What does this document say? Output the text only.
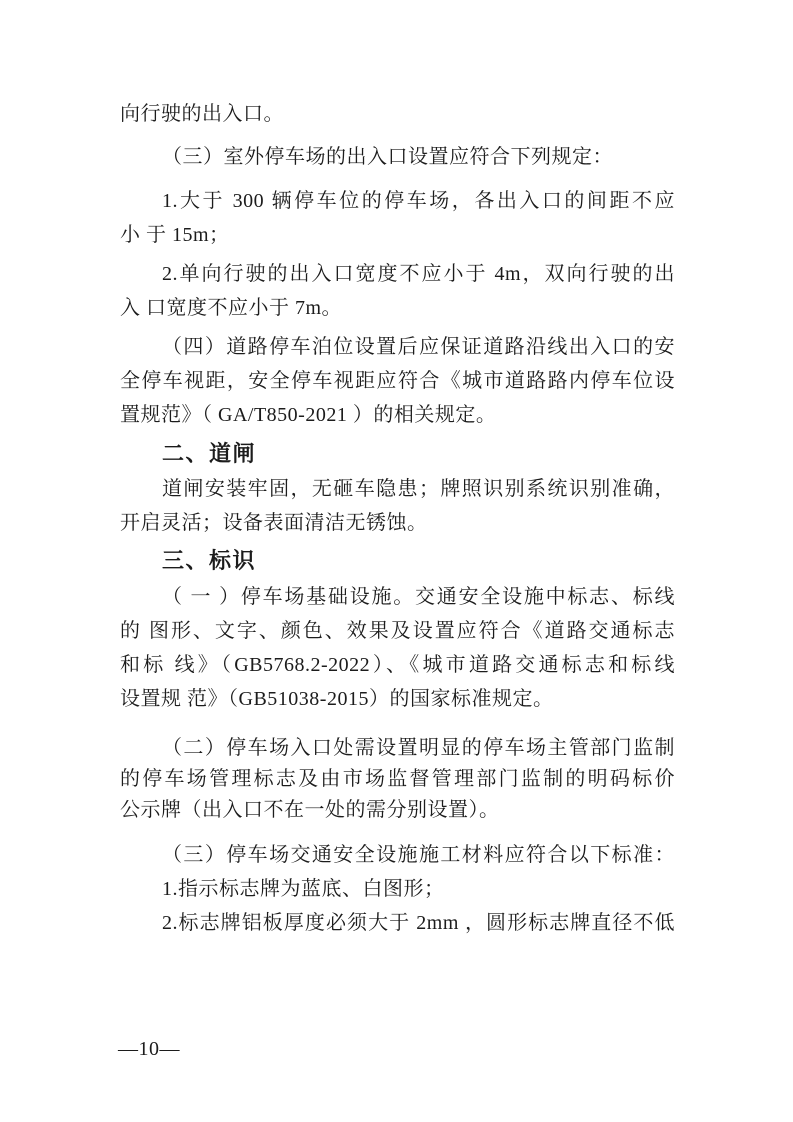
向行驶的出入口。

（三）室外停车场的出入口设置应符合下列规定：

1.大于 300 辆停车位的停车场，各出入口的间距不应
小 于 15m；

2.单向行驶的出入口宽度不应小于 4m，双向行驶的出
入 口宽度不应小于 7m。

（四）道路停车泊位设置后应保证道路沿线出入口的安
全停车视距，安全停车视距应符合《城市道路路内停车位设
置规范》（ GA/T850-2021 ）的相关规定。

二、道闸

道闸安装牢固，无砸车隐患；牌照识别系统识别准确，
开启灵活；设备表面清洁无锈蚀。

三、标识

（ 一 ）停车场基础设施。交通安全设施中标志、标线
的 图形、文字、颜色、效果及设置应符合《道路交通标志
和标 线》（GB5768.2-2022）、《城市道路交通标志和标线
设置规 范》（GB51038-2015）的国家标准规定。

（二）停车场入口处需设置明显的停车场主管部门监制
的停车场管理标志及由市场监督管理部门监制的明码标价
公示牌（出入口不在一处的需分别设置）。

（三）停车场交通安全设施施工材料应符合以下标准：

1.指示标志牌为蓝底、白图形；

2.标志牌铝板厚度必须大于 2mm ，圆形标志牌直径不低

—10—
